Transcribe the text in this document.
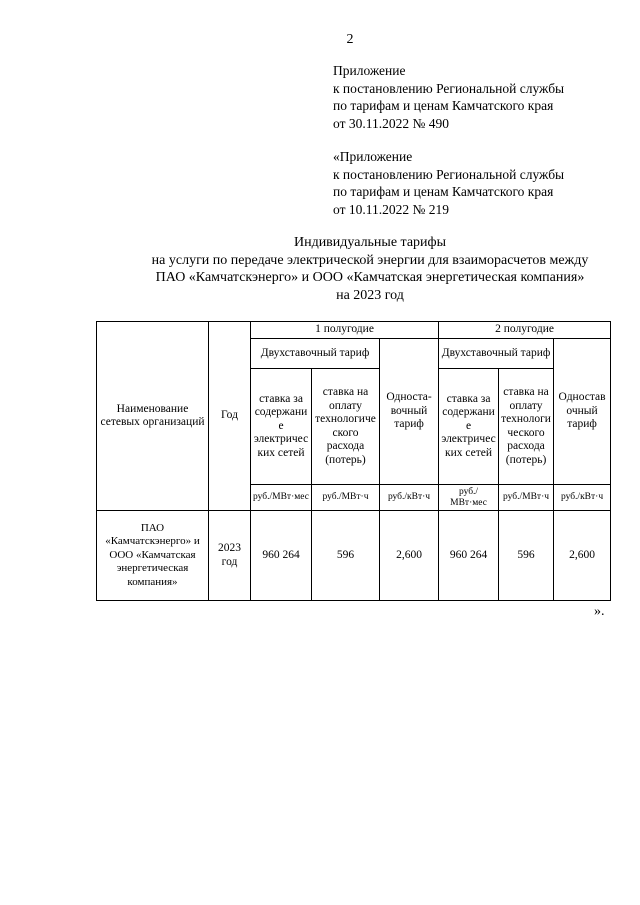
2
Приложение
к постановлению Региональной службы
по тарифам и ценам Камчатского края
от 30.11.2022 № 490
«Приложение
к постановлению Региональной службы
по тарифам и ценам Камчатского края
от 10.11.2022 № 219
Индивидуальные тарифы
на услуги по передаче электрической энергии для взаиморасчетов между
ПАО «Камчатскэнерго» и ООО «Камчатская энергетическая компания»
на 2023 год
Наименование сетевых организаций	Год	1 полугодие			2 полугодие		
		Двухставочный тариф		Односта-вочный тариф	Двухставочный тариф		Одноставочный тариф
		ставка за содержание электрических сетей	ставка на оплату технологического расхода (потерь)		ставка за содержание электрических сетей	ставка на оплату технологического расхода (потерь)	
		руб./МВт·мес	руб./МВт·ч	руб./кВт·ч	руб./МВт·мес	руб./МВт·ч	руб./кВт·ч
ПАО «Камчатскэнерго» и ООО «Камчатская энергетическая компания»	2023 год	960 264	596	2,600	960 264	596	2,600
».
